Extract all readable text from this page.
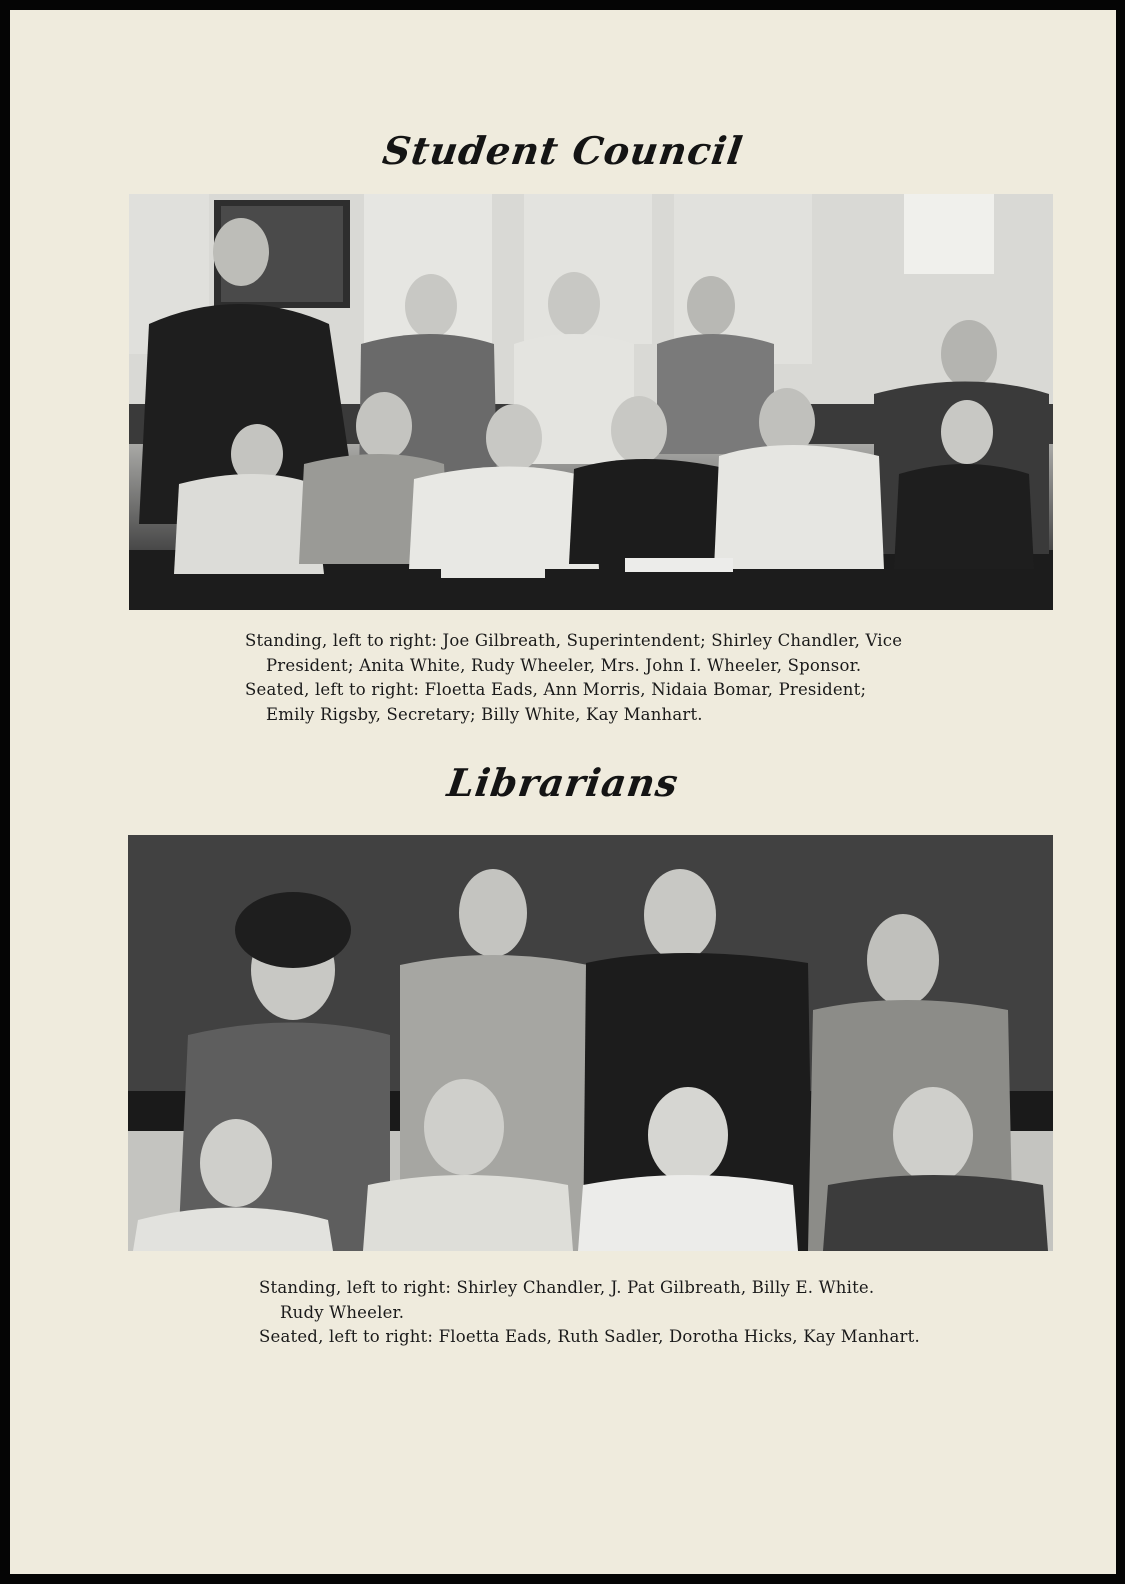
Student Council
Standing, left to right: Joe Gilbreath, Superintendent; Shirley Chandler, Vice
President; Anita White, Rudy Wheeler, Mrs. John I. Wheeler, Sponsor.
Seated, left to right: Floetta Eads, Ann Morris, Nidaia Bomar, President;
Emily Rigsby, Secretary; Billy White, Kay Manhart.
Librarians
Standing, left to right: Shirley Chandler, J. Pat Gilbreath, Billy E. White.
Rudy Wheeler.
Seated, left to right: Floetta Eads, Ruth Sadler, Dorotha Hicks, Kay Manhart.
